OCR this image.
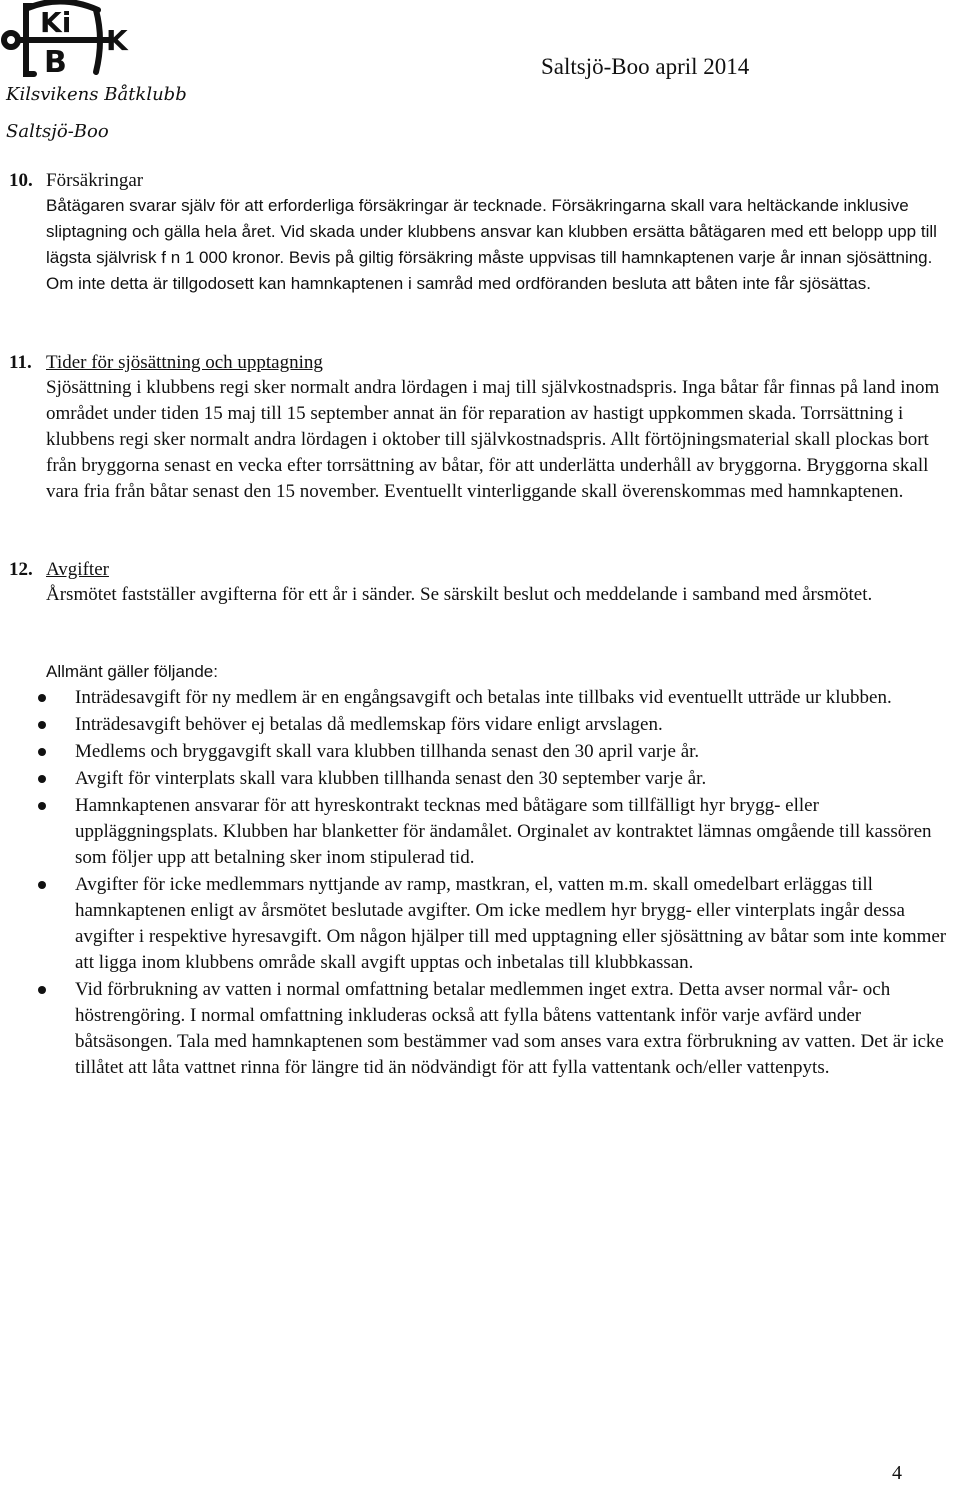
Ki
B
K

Kilsvikens Båtklubb

Saltsjö-Boo

Saltsjö-Boo april 2014

10. Försäkringar

Båtägaren svarar själv för att erforderliga försäkringar är tecknade. Försäkringarna skall vara heltäckande inklusive sliptagning och gälla hela året. Vid skada under klubbens ansvar kan klubben ersätta båtägaren med ett belopp upp till lägsta självrisk f n 1 000 kronor. Bevis på giltig försäkring måste uppvisas till hamnkaptenen varje år innan sjösättning. Om inte detta är tillgodosett kan hamnkaptenen i samråd med ordföranden besluta att båten inte får sjösättas.

11. Tider för sjösättning och upptagning

Sjösättning i klubbens regi sker normalt andra lördagen i maj till självkostnadspris. Inga båtar får finnas på land inom området under tiden 15 maj till 15 september annat än för reparation av hastigt uppkommen skada. Torrsättning i klubbens regi sker normalt andra lördagen i oktober till självkostnadspris. Allt förtöjningsmaterial skall plockas bort från bryggorna senast en vecka efter torrsättning av båtar, för att underlätta underhåll av bryggorna. Bryggorna skall vara fria från båtar senast den 15 november. Eventuellt vinterliggande skall överenskommas med hamnkaptenen.

12. Avgifter

Årsmötet fastställer avgifterna för ett år i sänder. Se särskilt beslut och meddelande i samband med årsmötet.

Allmänt gäller följande:

Inträdesavgift för ny medlem är en engångsavgift och betalas inte tillbaks vid eventuellt utträde ur klubben.
Inträdesavgift behöver ej betalas då medlemskap förs vidare enligt arvslagen.
Medlems och bryggavgift skall vara klubben tillhanda senast den 30 april varje år.
Avgift för vinterplats skall vara klubben tillhanda senast den 30 september varje år.
Hamnkaptenen ansvarar för att hyreskontrakt tecknas med båtägare som tillfälligt hyr brygg- eller uppläggningsplats. Klubben har blanketter för ändamålet. Orginalet av kontraktet lämnas omgående till kassören som följer upp att betalning sker inom stipulerad tid.
Avgifter för icke medlemmars nyttjande av ramp, mastkran, el, vatten m.m. skall omedelbart erläggas till hamnkaptenen enligt av årsmötet beslutade avgifter. Om icke medlem hyr brygg- eller vinterplats ingår dessa avgifter i respektive hyresavgift. Om någon hjälper till med upptagning eller sjösättning av båtar som inte kommer att ligga inom klubbens område skall avgift upptas och inbetalas till klubbkassan.
Vid förbrukning av vatten i normal omfattning betalar medlemmen inget extra. Detta avser normal vår- och höstrengöring. I normal omfattning inkluderas också att fylla båtens vattentank inför varje avfärd under båtsäsongen. Tala med hamnkaptenen som bestämmer vad som anses vara extra förbrukning av vatten. Det är icke tillåtet att låta vattnet rinna för längre tid än nödvändigt för att fylla vattentank och/eller vattenpyts.

4
